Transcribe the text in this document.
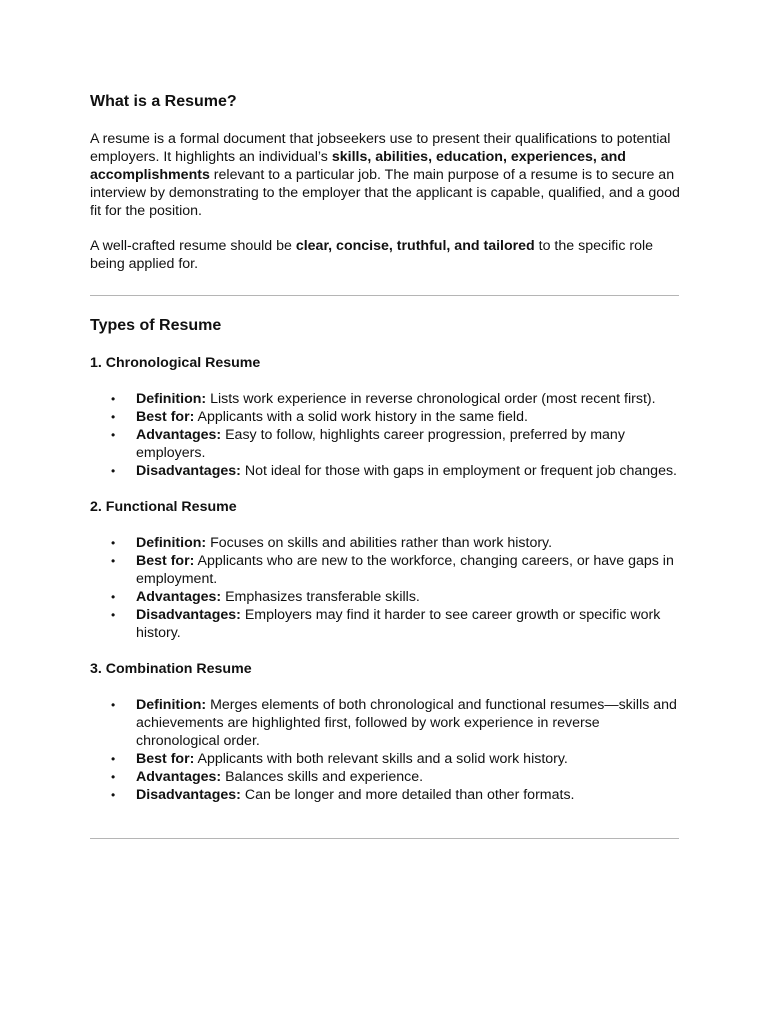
What is a Resume?

A resume is a formal document that jobseekers use to present their qualifications to potential employers. It highlights an individual’s skills, abilities, education, experiences, and accomplishments relevant to a particular job. The main purpose of a resume is to secure an interview by demonstrating to the employer that the applicant is capable, qualified, and a good fit for the position.

A well-crafted resume should be clear, concise, truthful, and tailored to the specific role being applied for.

Types of Resume
1. Chronological Resume
• Definition: Lists work experience in reverse chronological order (most recent first).
• Best for: Applicants with a solid work history in the same field.
• Advantages: Easy to follow, highlights career progression, preferred by many employers.
• Disadvantages: Not ideal for those with gaps in employment or frequent job changes.
2. Functional Resume
• Definition: Focuses on skills and abilities rather than work history.
• Best for: Applicants who are new to the workforce, changing careers, or have gaps in employment.
• Advantages: Emphasizes transferable skills.
• Disadvantages: Employers may find it harder to see career growth or specific work history.
3. Combination Resume
• Definition: Merges elements of both chronological and functional resumes—skills and achievements are highlighted first, followed by work experience in reverse chronological order.
• Best for: Applicants with both relevant skills and a solid work history.
• Advantages: Balances skills and experience.
• Disadvantages: Can be longer and more detailed than other formats.
